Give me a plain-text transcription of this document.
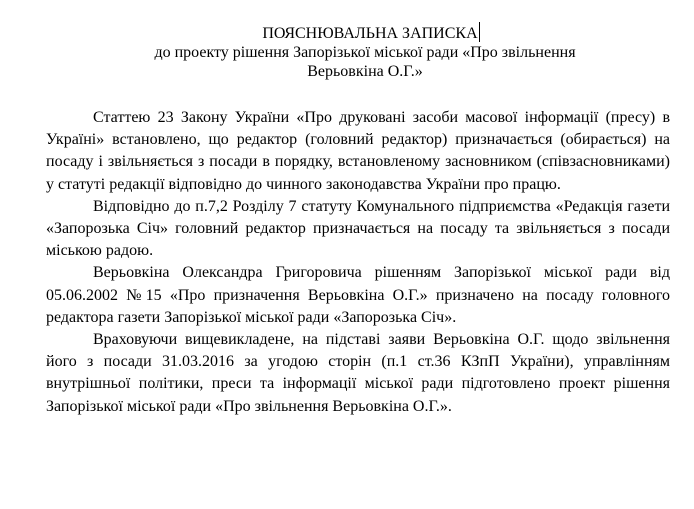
ПОЯСНЮВАЛЬНА ЗАПИСКА
до проекту рішення Запорізької міської ради «Про звільнення
Верьовкіна О.Г.»

Статтею 23 Закону України «Про друковані засоби масової інформації (пресу) в Україні» встановлено, що редактор (головний редактор) призначається (обирається) на посаду і звільняється з посади в порядку, встановленому засновником (співзасновниками) у статуті редакції відповідно до чинного законодавства України про працю.

Відповідно до п.7,2 Розділу 7 статуту Комунального підприємства «Редакція газети «Запорозька Січ» головний редактор призначається на посаду та звільняється з посади міською радою.

Верьовкіна Олександра Григоровича рішенням Запорізької міської ради від 05.06.2002 №15 «Про призначення Верьовкіна О.Г.» призначено на посаду головного редактора газети Запорізької міської ради «Запорозька Січ».

Враховуючи вищевикладене, на підставі заяви Верьовкіна О.Г. щодо звільнення його з посади 31.03.2016 за угодою сторін (п.1 ст.36 КЗпП України), управлінням внутрішньої політики, преси та інформації міської ради підготовлено проект рішення Запорізької міської ради «Про звільнення Верьовкіна О.Г.».
